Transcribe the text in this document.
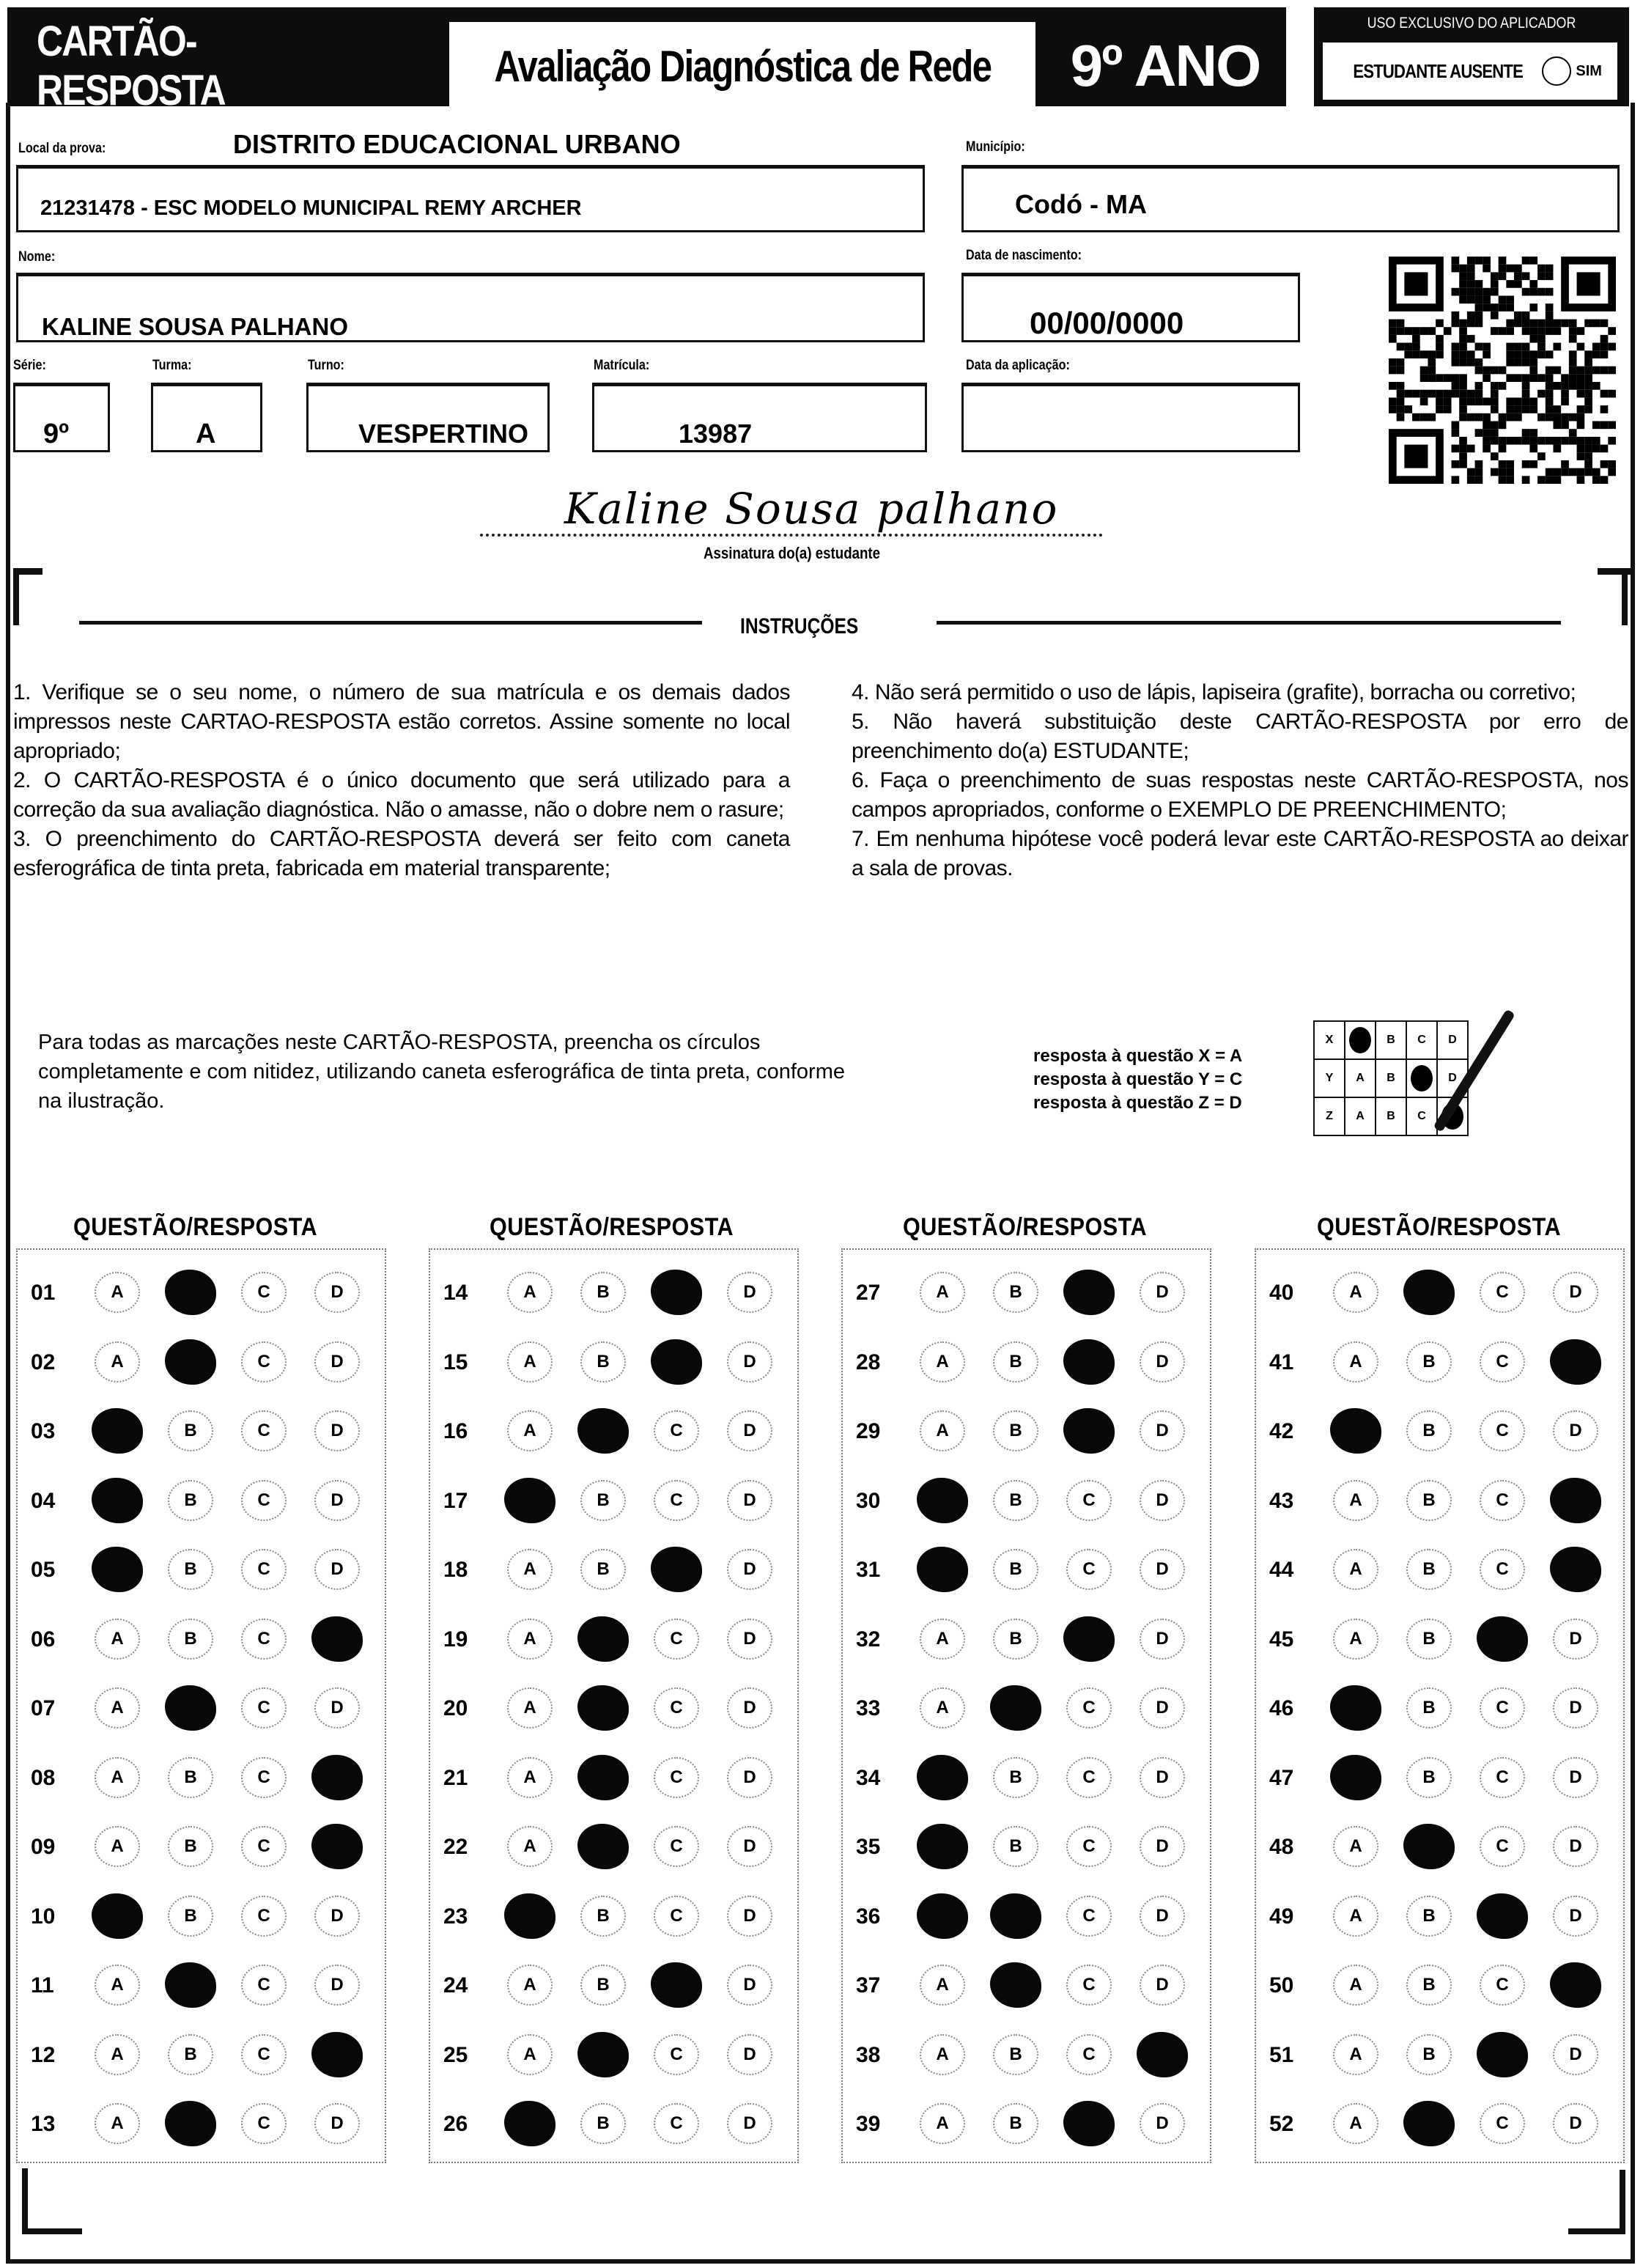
CARTÃO-RESPOSTA	Avaliação Diagnóstica de Rede	9º ANO
USO EXCLUSIVO DO APLICADOR
ESTUDANTE AUSENTE	SIM
Local da prova:	DISTRITO EDUCACIONAL URBANO
21231478 - ESC MODELO MUNICIPAL REMY ARCHER
Município:
Codó - MA
Nome:
KALINE SOUSA PALHANO
Data de nascimento:
00/00/0000
Série:
9º
Turma:
A
Turno:
VESPERTINO
Matrícula:
13987
Data da aplicação:
Kaline Sousa palhano
Assinatura do(a) estudante
INSTRUÇÕES

1. Verifique se o seu nome, o número de sua matrícula e os demais dados impressos neste CARTAO-RESPOSTA estão corretos. Assine somente no local apropriado;

2. O CARTÃO-RESPOSTA é o único documento que será utilizado para a correção da sua avaliação diagnóstica. Não o amasse, não o dobre nem o rasure;

3. O preenchimento do CARTÃO-RESPOSTA deverá ser feito com caneta esferográfica de tinta preta, fabricada em material transparente;

4. Não será permitido o uso de lápis, lapiseira (grafite), borracha ou corretivo;

5. Não haverá substituição deste CARTÃO-RESPOSTA por erro de preenchimento do(a) ESTUDANTE;

6. Faça o preenchimento de suas respostas neste CARTÃO-RESPOSTA, nos campos apropriados, conforme o EXEMPLO DE PREENCHIMENTO;

7. Em nenhuma hipótese você poderá levar este CARTÃO-RESPOSTA ao deixar a sala de provas.

Para todas as marcações neste CARTÃO-RESPOSTA, preencha os círculos completamente e com nitidez, utilizando caneta esferográfica de tinta preta, conforme na ilustração.
resposta à questão X = A
resposta à questão Y = C
resposta à questão Z = D
X		B	C	D
Y	A	B		D
Z	A	B	C	
QUESTÃO/RESPOSTA
01	A	C	D
02	A	C	D
03	B	C	D
04	B	C	D
05	B	C	D
06	A	B	C
07	A	C	D
08	A	B	C
09	A	B	C
10	B	C	D
11	A	C	D
12	A	B	C
13	A	C	D
QUESTÃO/RESPOSTA
14	A	B	D
15	A	B	D
16	A	C	D
17	B	C	D
18	A	B	D
19	A	C	D
20	A	C	D
21	A	C	D
22	A	C	D
23	B	C	D
24	A	B	D
25	A	C	D
26	B	C	D
QUESTÃO/RESPOSTA
27	A	B	D
28	A	B	D
29	A	B	D
30	B	C	D
31	B	C	D
32	A	B	D
33	A	C	D
34	B	C	D
35	B	C	D
36	C	D
37	A	C	D
38	A	B	C
39	A	B	D
QUESTÃO/RESPOSTA
40	A	C	D
41	A	B	C
42	B	C	D
43	A	B	C
44	A	B	C
45	A	B	D
46	B	C	D
47	B	C	D
48	A	C	D
49	A	B	D
50	A	B	C
51	A	B	D
52	A	C	D
